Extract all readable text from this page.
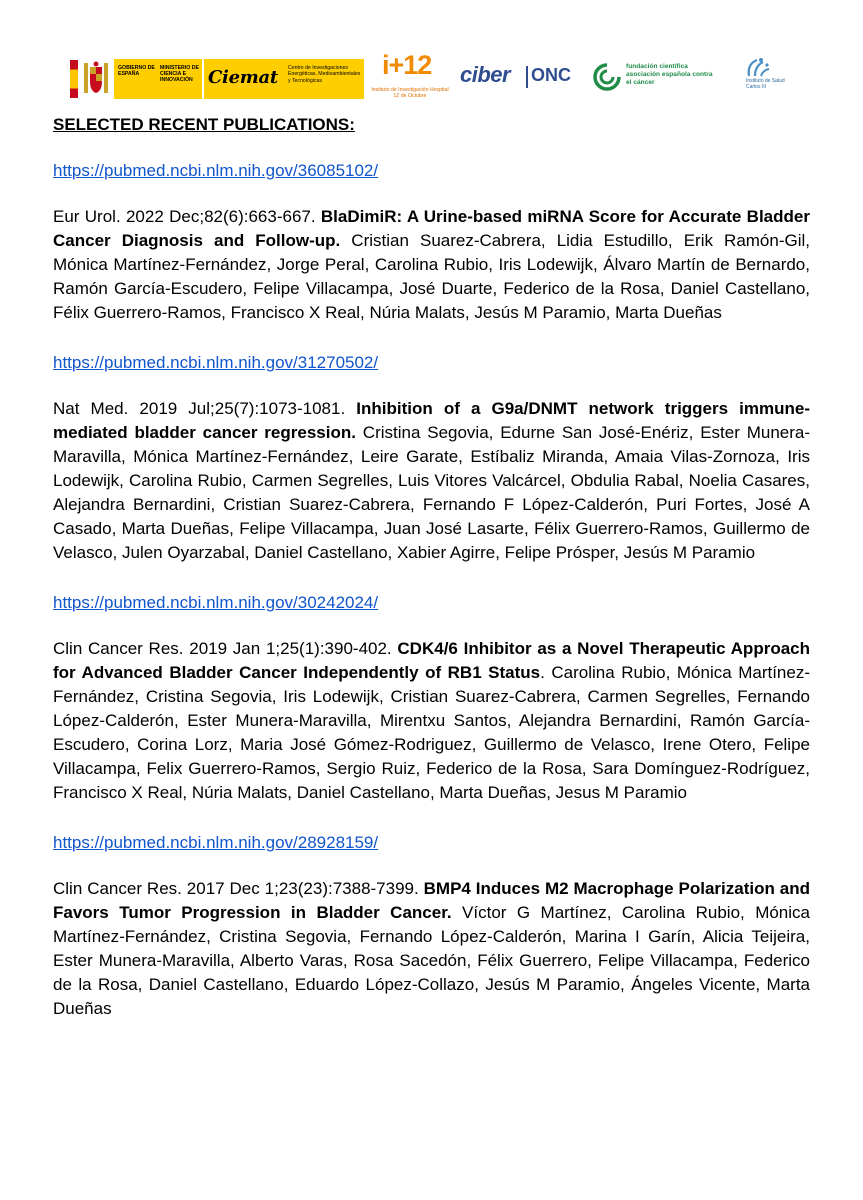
GOBIERNO DE ESPAÑA
MINISTERIO DE CIENCIA E INNOVACIÓN Ciemat Centro de Investigaciones Energéticas, Medioambientales y Tecnológicas
i+12
Instituto de Investigación Hospital 12 de Octubre
ciber ONC	fundación científica asociación española contra el cáncer	Instituto de Salud Carlos III
SELECTED RECENT PUBLICATIONS:
https://pubmed.ncbi.nlm.nih.gov/36085102/

Eur Urol. 2022 Dec;82(6):663-667. BlaDimiR: A Urine-based miRNA Score for Accurate Bladder Cancer Diagnosis and Follow-up. Cristian Suarez-Cabrera, Lidia Estudillo, Erik Ramón-Gil, Mónica Martínez-Fernández, Jorge Peral, Carolina Rubio, Iris Lodewijk, Álvaro Martín de Bernardo, Ramón García-Escudero, Felipe Villacampa, José Duarte, Federico de la Rosa, Daniel Castellano, Félix Guerrero-Ramos, Francisco X Real, Núria Malats, Jesús M Paramio, Marta Dueñas

https://pubmed.ncbi.nlm.nih.gov/31270502/

Nat Med. 2019 Jul;25(7):1073-1081. Inhibition of a G9a/DNMT network triggers immune-mediated bladder cancer regression. Cristina Segovia, Edurne San José-Enériz, Ester Munera-Maravilla, Mónica Martínez-Fernández, Leire Garate, Estíbaliz Miranda, Amaia Vilas-Zornoza, Iris Lodewijk, Carolina Rubio, Carmen Segrelles, Luis Vitores Valcárcel, Obdulia Rabal, Noelia Casares, Alejandra Bernardini, Cristian Suarez-Cabrera, Fernando F López-Calderón, Puri Fortes, José A Casado, Marta Dueñas, Felipe Villacampa, Juan José Lasarte, Félix Guerrero-Ramos, Guillermo de Velasco, Julen Oyarzabal, Daniel Castellano, Xabier Agirre, Felipe Prósper, Jesús M Paramio

https://pubmed.ncbi.nlm.nih.gov/30242024/

Clin Cancer Res. 2019 Jan 1;25(1):390-402. CDK4/6 Inhibitor as a Novel Therapeutic Approach for Advanced Bladder Cancer Independently of RB1 Status. Carolina Rubio, Mónica Martínez-Fernández, Cristina Segovia, Iris Lodewijk, Cristian Suarez-Cabrera, Carmen Segrelles, Fernando López-Calderón, Ester Munera-Maravilla, Mirentxu Santos, Alejandra Bernardini, Ramón García-Escudero, Corina Lorz, Maria José Gómez-Rodriguez, Guillermo de Velasco, Irene Otero, Felipe Villacampa, Felix Guerrero-Ramos, Sergio Ruiz, Federico de la Rosa, Sara Domínguez-Rodríguez, Francisco X Real, Núria Malats, Daniel Castellano, Marta Dueñas, Jesus M Paramio

https://pubmed.ncbi.nlm.nih.gov/28928159/

Clin Cancer Res. 2017 Dec 1;23(23):7388-7399. BMP4 Induces M2 Macrophage Polarization and Favors Tumor Progression in Bladder Cancer. Víctor G Martínez, Carolina Rubio, Mónica Martínez-Fernández, Cristina Segovia, Fernando López-Calderón, Marina I Garín, Alicia Teijeira, Ester Munera-Maravilla, Alberto Varas, Rosa Sacedón, Félix Guerrero, Felipe Villacampa, Federico de la Rosa, Daniel Castellano, Eduardo López-Collazo, Jesús M Paramio, Ángeles Vicente, Marta Dueñas
